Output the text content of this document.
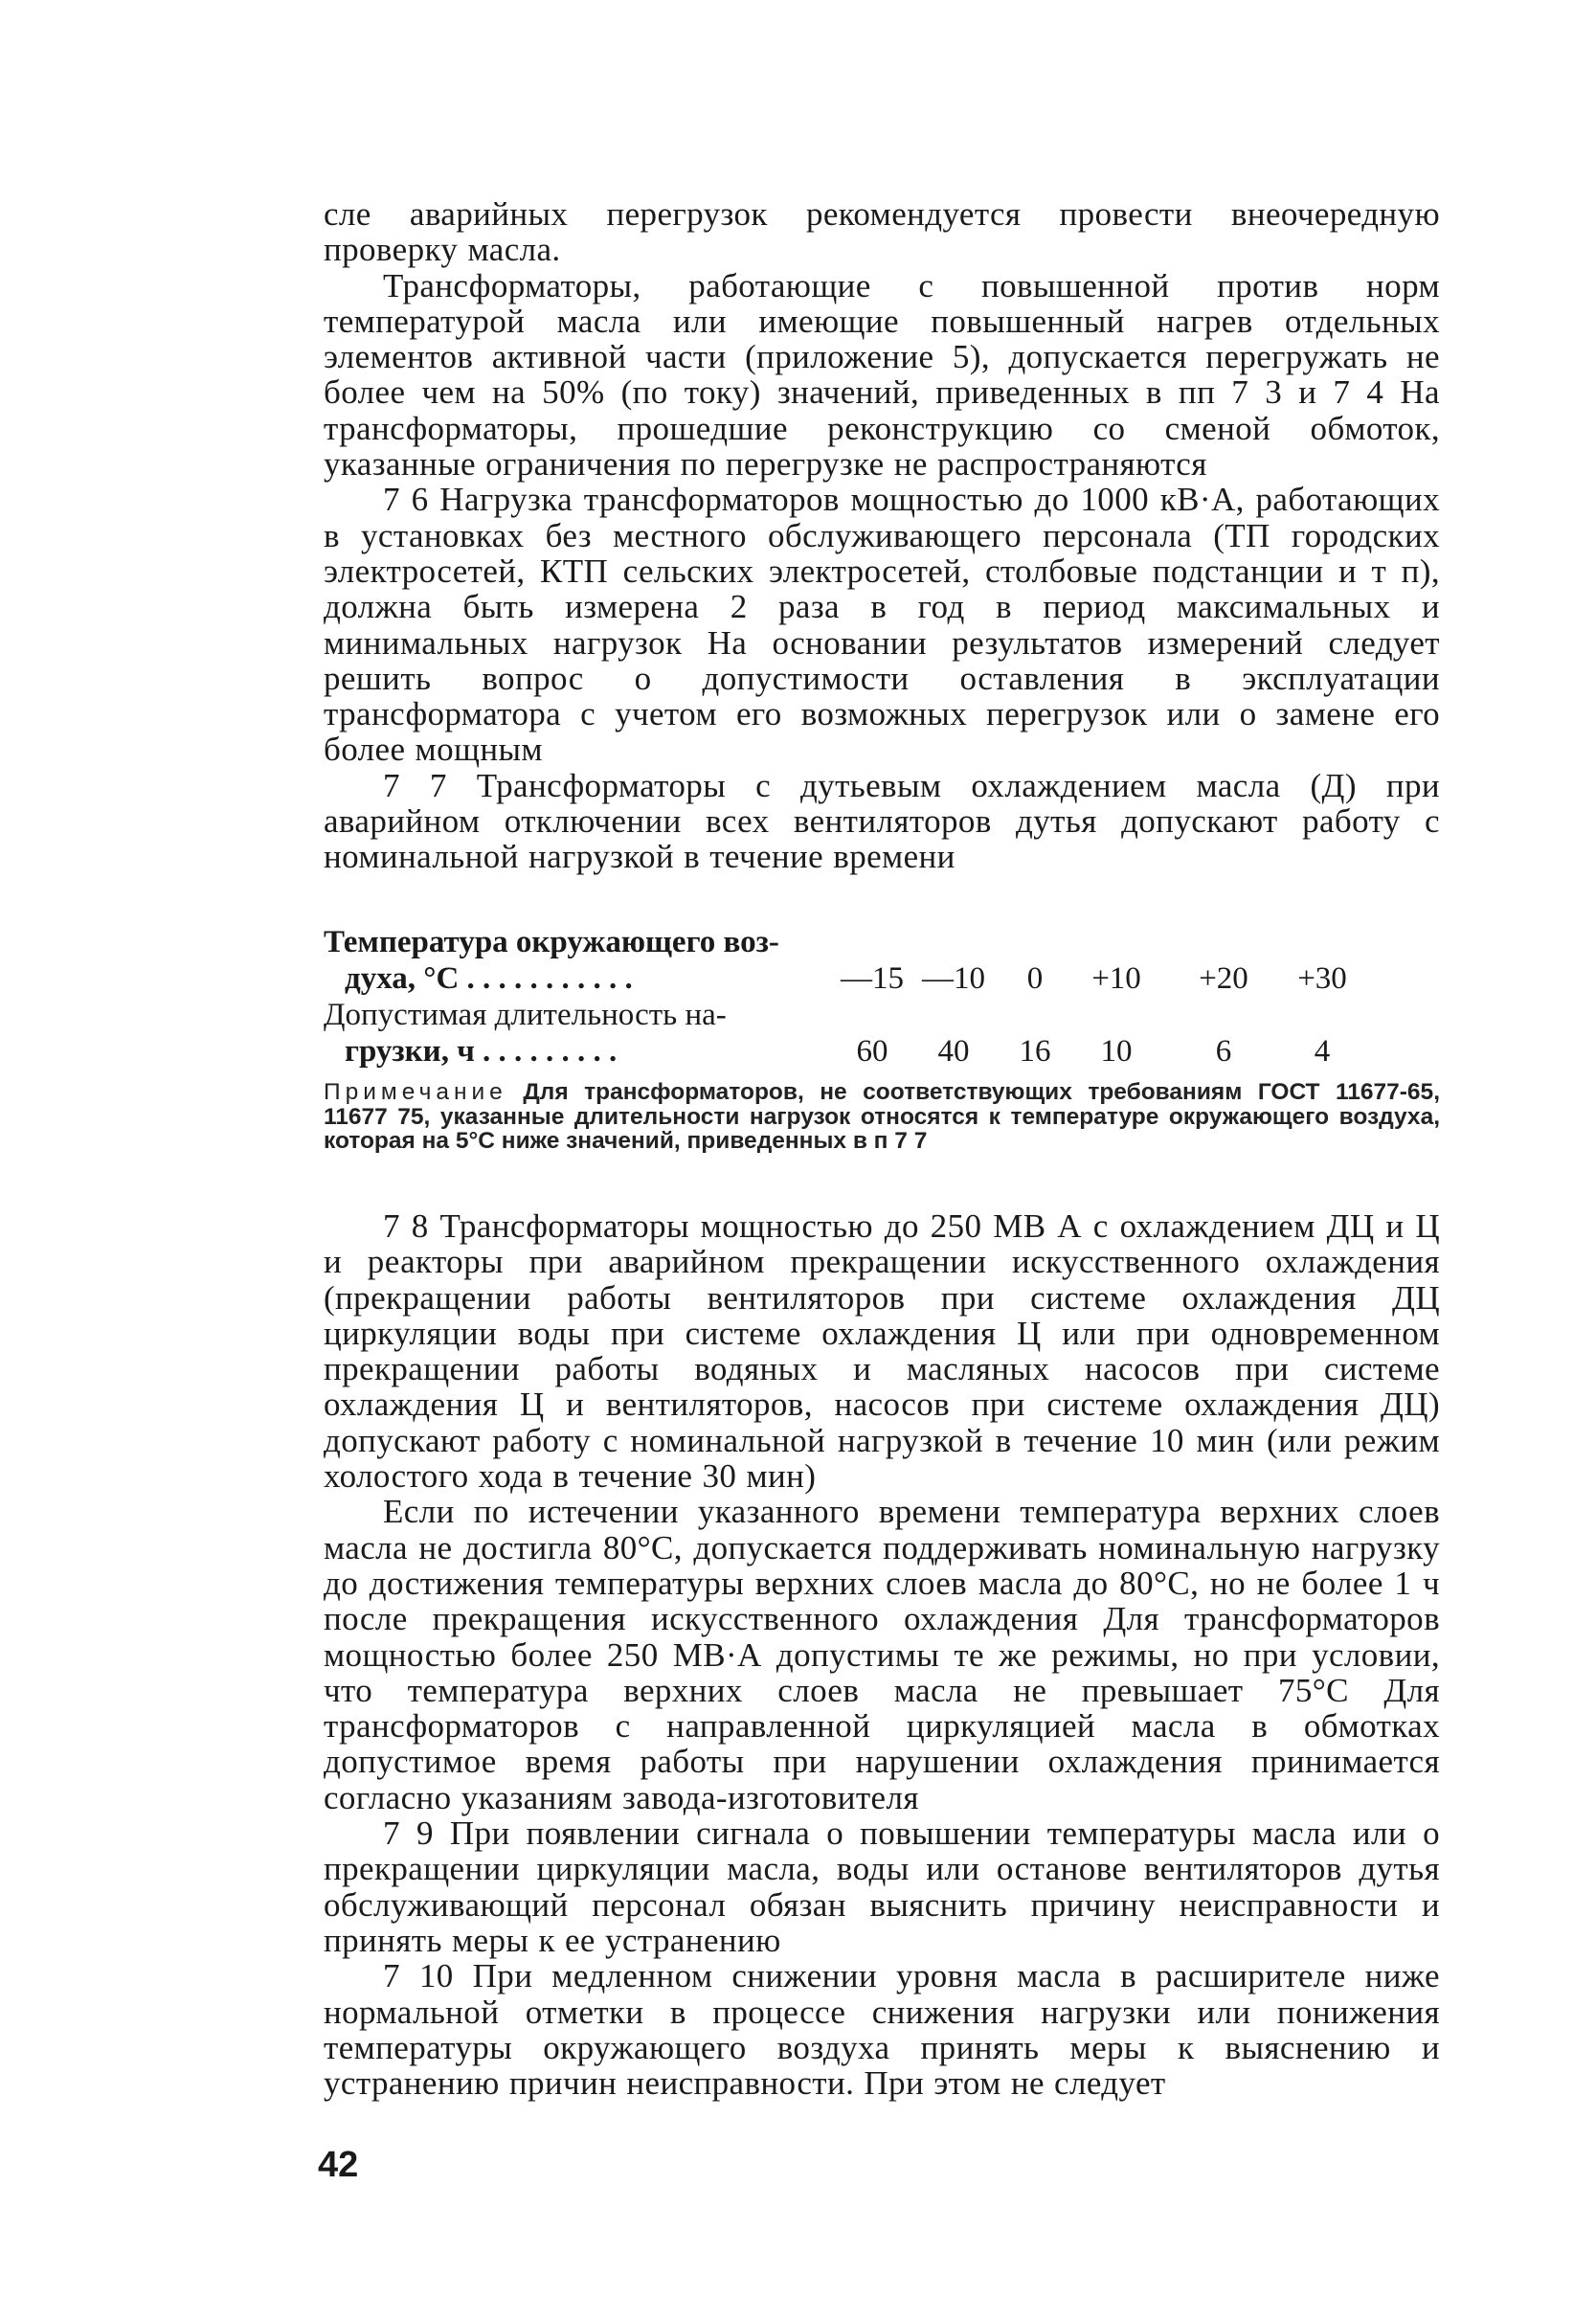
сле аварийных перегрузок рекомендуется провести внеочередную проверку масла.

Трансформаторы, работающие с повышенной против норм температурой масла или имеющие повышенный нагрев отдельных элементов активной части (приложение 5), допускается перегружать не более чем на 50% (по току) значений, приведенных в пп 7 3 и 7 4 На трансформаторы, прошедшие реконструкцию со сменой обмоток, указанные ограничения по перегрузке не распространяются

7 6 Нагрузка трансформаторов мощностью до 1000 кВ·А, работающих в установках без местного обслуживающего персонала (ТП городских электросетей, КТП сельских электросетей, столбовые подстанции и т п), должна быть измерена 2 раза в год в период максимальных и минимальных нагрузок На основании результатов измерений следует решить вопрос о допустимости оставления в эксплуатации трансформатора с учетом его возможных перегрузок или о замене его более мощным

7 7 Трансформаторы с дутьевым охлаждением масла (Д) при аварийном отключении всех вентиляторов дутья допускают работу с номинальной нагрузкой в течение времени

Температура окружающего воз-
духа, °С . . . . . . . . . . .	—15 —10	0	+10	+20	+30
Допустимая длительность на-
грузки, ч . . . . . . . . .	60	40	16	10	6	4
Примечание Для трансформаторов, не соответствующих требованиям ГОСТ 11677-65, 11677 75, указанные длительности нагрузок относятся к температуре окружающего воздуха, которая на 5°С ниже значений, приведенных в п 7 7

7 8 Трансформаторы мощностью до 250 МВ А с охлаждением ДЦ и Ц и реакторы при аварийном прекращении искусственного охлаждения (прекращении работы вентиляторов при системе охлаждения ДЦ циркуляции воды при системе охлаждения Ц или при одновременном прекращении работы водяных и масляных насосов при системе охлаждения Ц и вентиляторов, насосов при системе охлаждения ДЦ) допускают работу с номинальной нагрузкой в течение 10 мин (или режим холостого хода в течение 30 мин)

Если по истечении указанного времени температура верхних слоев масла не достигла 80°С, допускается поддерживать номинальную нагрузку до достижения температуры верхних слоев масла до 80°С, но не более 1 ч после прекращения искусственного охлаждения Для трансформаторов мощностью более 250 МВ·А допустимы те же режимы, но при условии, что температура верхних слоев масла не превышает 75°С Для трансформаторов с направленной циркуляцией масла в обмотках допустимое время работы при нарушении охлаждения принимается согласно указаниям завода-изготовителя

7 9 При появлении сигнала о повышении температуры масла или о прекращении циркуляции масла, воды или останове вентиляторов дутья обслуживающий персонал обязан выяснить причину неисправности и принять меры к ее устранению

7 10 При медленном снижении уровня масла в расширителе ниже нормальной отметки в процессе снижения нагрузки или понижения температуры окружающего воздуха принять меры к выяснению и устранению причин неисправности. При этом не следует

42
